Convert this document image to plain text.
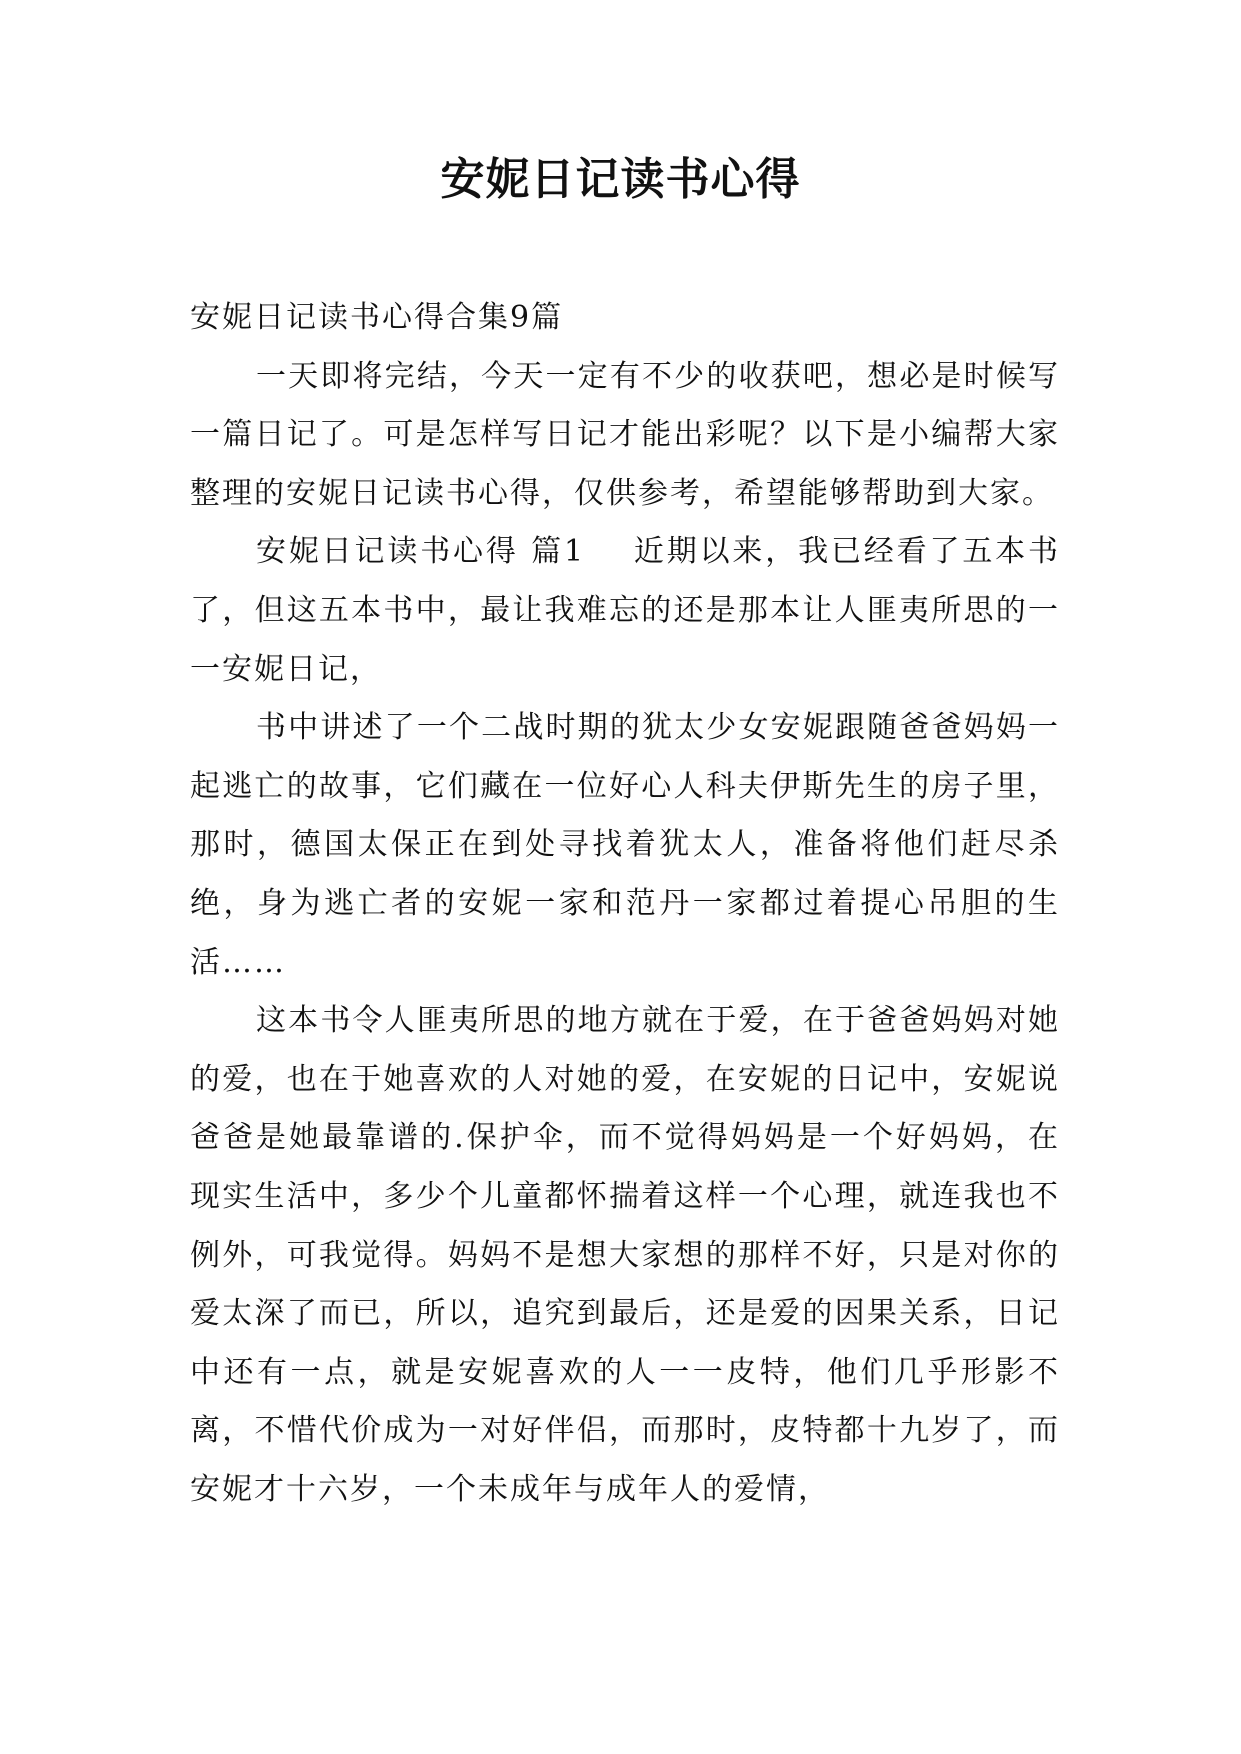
安妮日记读书心得

安妮日记读书心得合集9篇

一天即将完结，今天一定有不少的收获吧，想必是时候写一篇日记了。可是怎样写日记才能出彩呢？以下是小编帮大家整理的安妮日记读书心得，仅供参考，希望能够帮助到大家。

安妮日记读书心得 篇1 近期以来，我已经看了五本书了，但这五本书中，最让我难忘的还是那本让人匪夷所思的一一安妮日记，

书中讲述了一个二战时期的犹太少女安妮跟随爸爸妈妈一起逃亡的故事，它们藏在一位好心人科夫伊斯先生的房子里，那时，德国太保正在到处寻找着犹太人，准备将他们赶尽杀绝，身为逃亡者的安妮一家和范丹一家都过着提心吊胆的生活……

这本书令人匪夷所思的地方就在于爱，在于爸爸妈妈对她的爱，也在于她喜欢的人对她的爱，在安妮的日记中，安妮说爸爸是她最靠谱的.保护伞，而不觉得妈妈是一个好妈妈，在现实生活中，多少个儿童都怀揣着这样一个心理，就连我也不例外，可我觉得。妈妈不是想大家想的那样不好，只是对你的爱太深了而已，所以，追究到最后，还是爱的因果关系，日记中还有一点，就是安妮喜欢的人一一皮特，他们几乎形影不离，不惜代价成为一对好伴侣，而那时，皮特都十九岁了，而安妮才十六岁，一个未成年与成年人的爱情，
